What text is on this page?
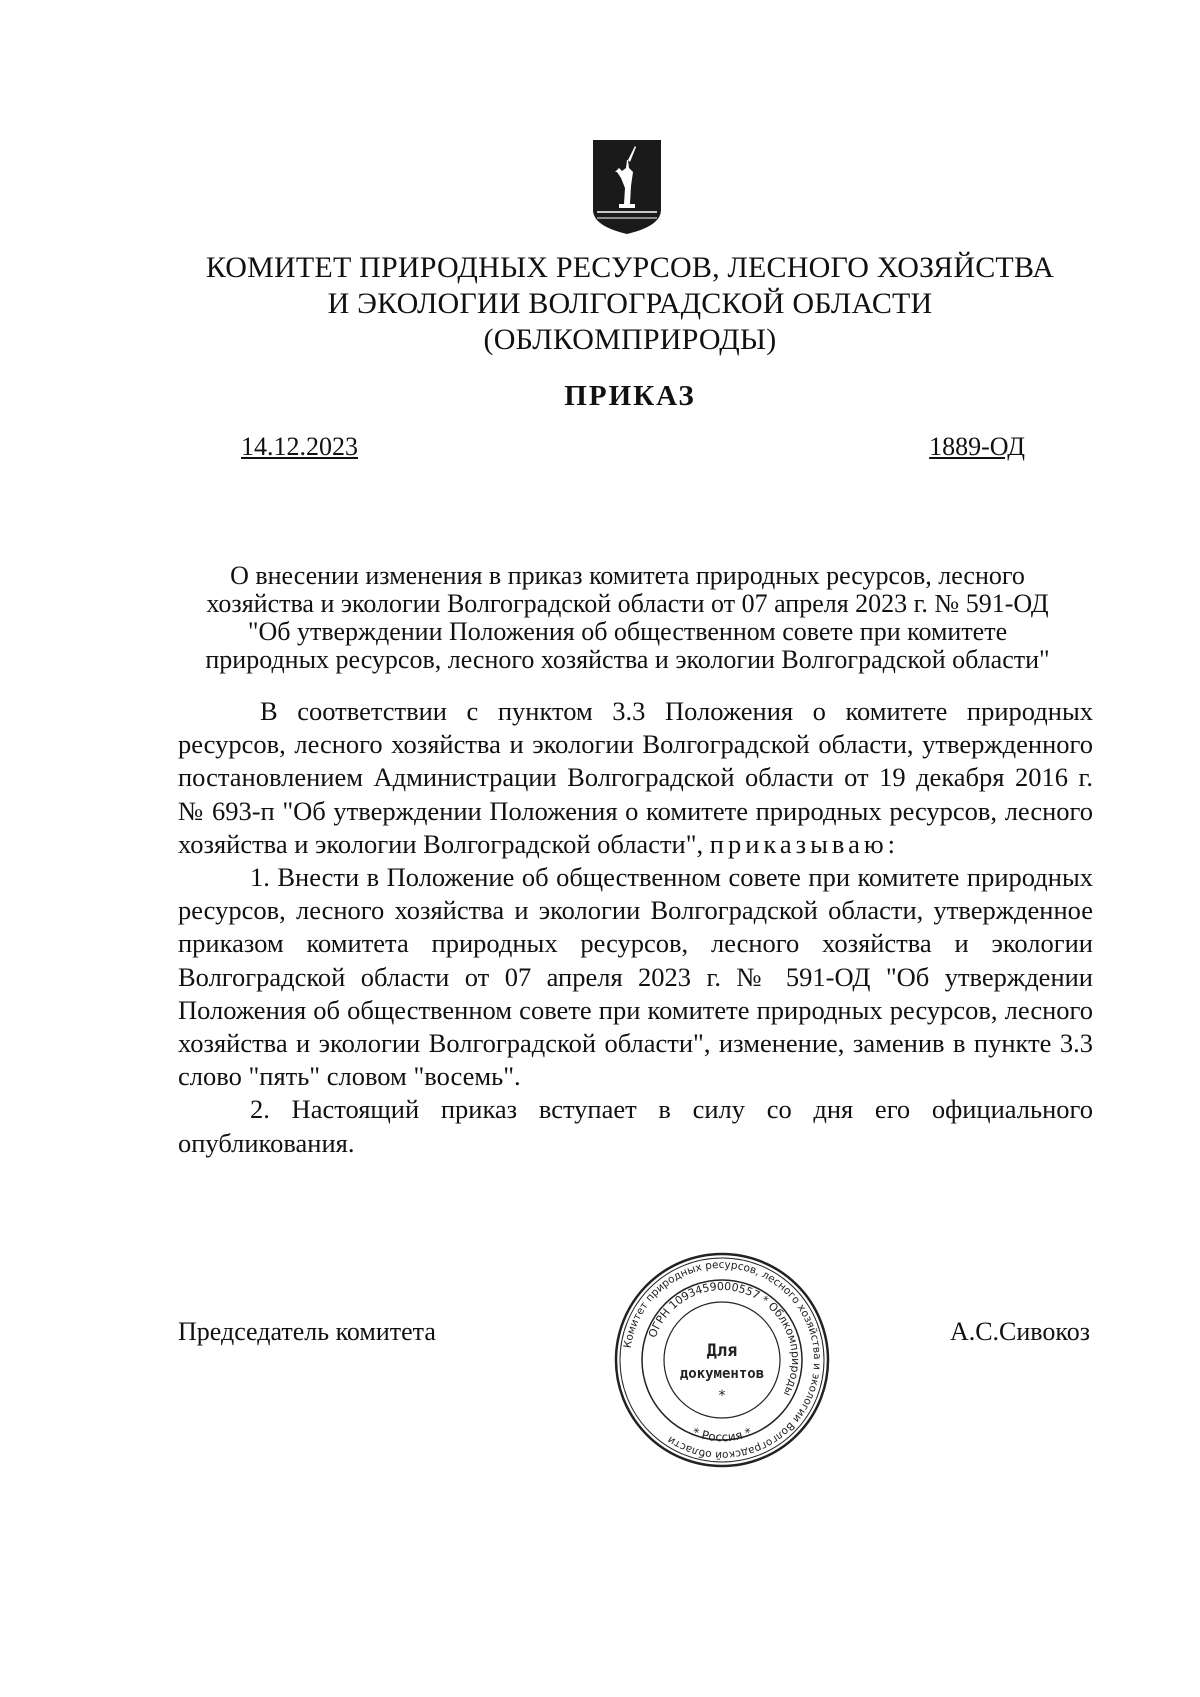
КОМИТЕТ ПРИРОДНЫХ РЕСУРСОВ, ЛЕСНОГО ХОЗЯЙСТВА
И ЭКОЛОГИИ ВОЛГОГРАДСКОЙ ОБЛАСТИ
(ОБЛКОМПРИРОДЫ)
ПРИКАЗ
14.12.2023	1889-ОД
О внесении изменения в приказ комитета природных ресурсов, лесного
хозяйства и экологии Волгоградской области от 07 апреля 2023 г. № 591-ОД
"Об утверждении Положения об общественном совете при комитете
природных ресурсов, лесного хозяйства и экологии Волгоградской области"

В соответствии с пунктом 3.3 Положения о комитете природных ресурсов, лесного хозяйства и экологии Волгоградской области, утвержденного постановлением Администрации Волгоградской области от 19 декабря 2016 г. № 693-п "Об утверждении Положения о комитете природных ресурсов, лесного хозяйства и экологии Волгоградской области", приказываю:

1. Внести в Положение об общественном совете при комитете природных ресурсов, лесного хозяйства и экологии Волгоградской области, утвержденное приказом комитета природных ресурсов, лесного хозяйства и экологии Волгоградской области от 07 апреля 2023 г. № 591-ОД "Об утверждении Положения об общественном совете при комитете природных ресурсов, лесного хозяйства и экологии Волгоградской области", изменение, заменив в пункте 3.3 слово "пять" словом "восемь".

2. Настоящий приказ вступает в силу со дня его официального опубликования.

Председатель комитета	А.С.Сивокоз
Комитет природных ресурсов, лесного хозяйства и экологии Волгоградской области
ОГРН 1093459000557 * Облкомприроды
Для
документов
*
* Россия *
